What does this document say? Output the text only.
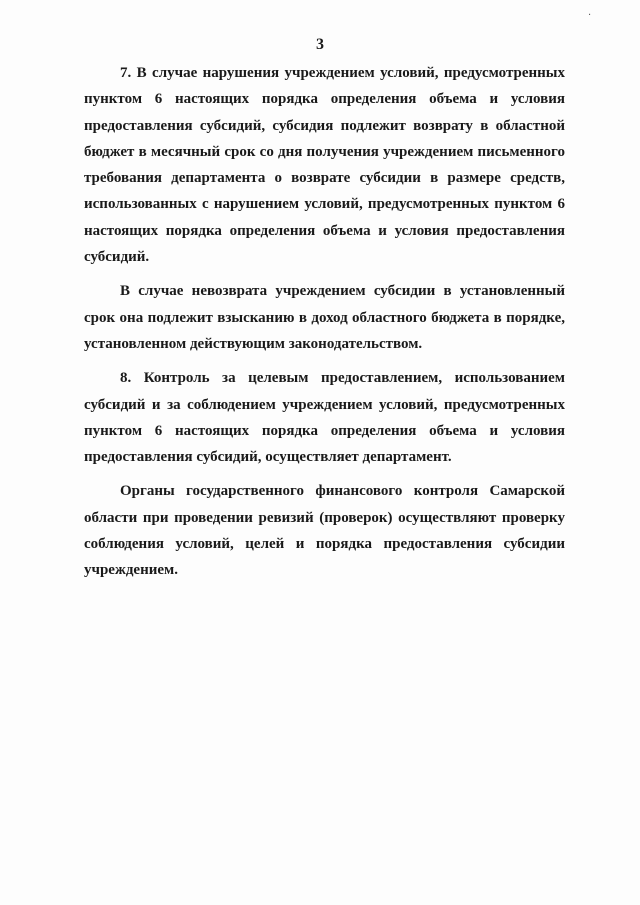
3

7. В случае нарушения учреждением условий, предусмотренных пунктом 6 настоящих порядка определения объема и условия предоставления субсидий, субсидия подлежит возврату в областной бюджет в месячный срок со дня получения учреждением письменного требования департамента о возврате субсидии в размере средств, использованных с нарушением условий, предусмотренных пунктом 6 настоящих порядка определения объема и условия предоставления субсидий.

В случае невозврата учреждением субсидии в установленный срок она подлежит взысканию в доход областного бюджета в порядке, установленном действующим законодательством.

8. Контроль за целевым предоставлением, использованием субсидий и за соблюдением учреждением условий, предусмотренных пунктом 6 настоящих порядка определения объема и условия предоставления субсидий, осуществляет департамент.

Органы государственного финансового контроля Самарской области при проведении ревизий (проверок) осуществляют проверку соблюдения условий, целей и порядка предоставления субсидии учреждением.

·
